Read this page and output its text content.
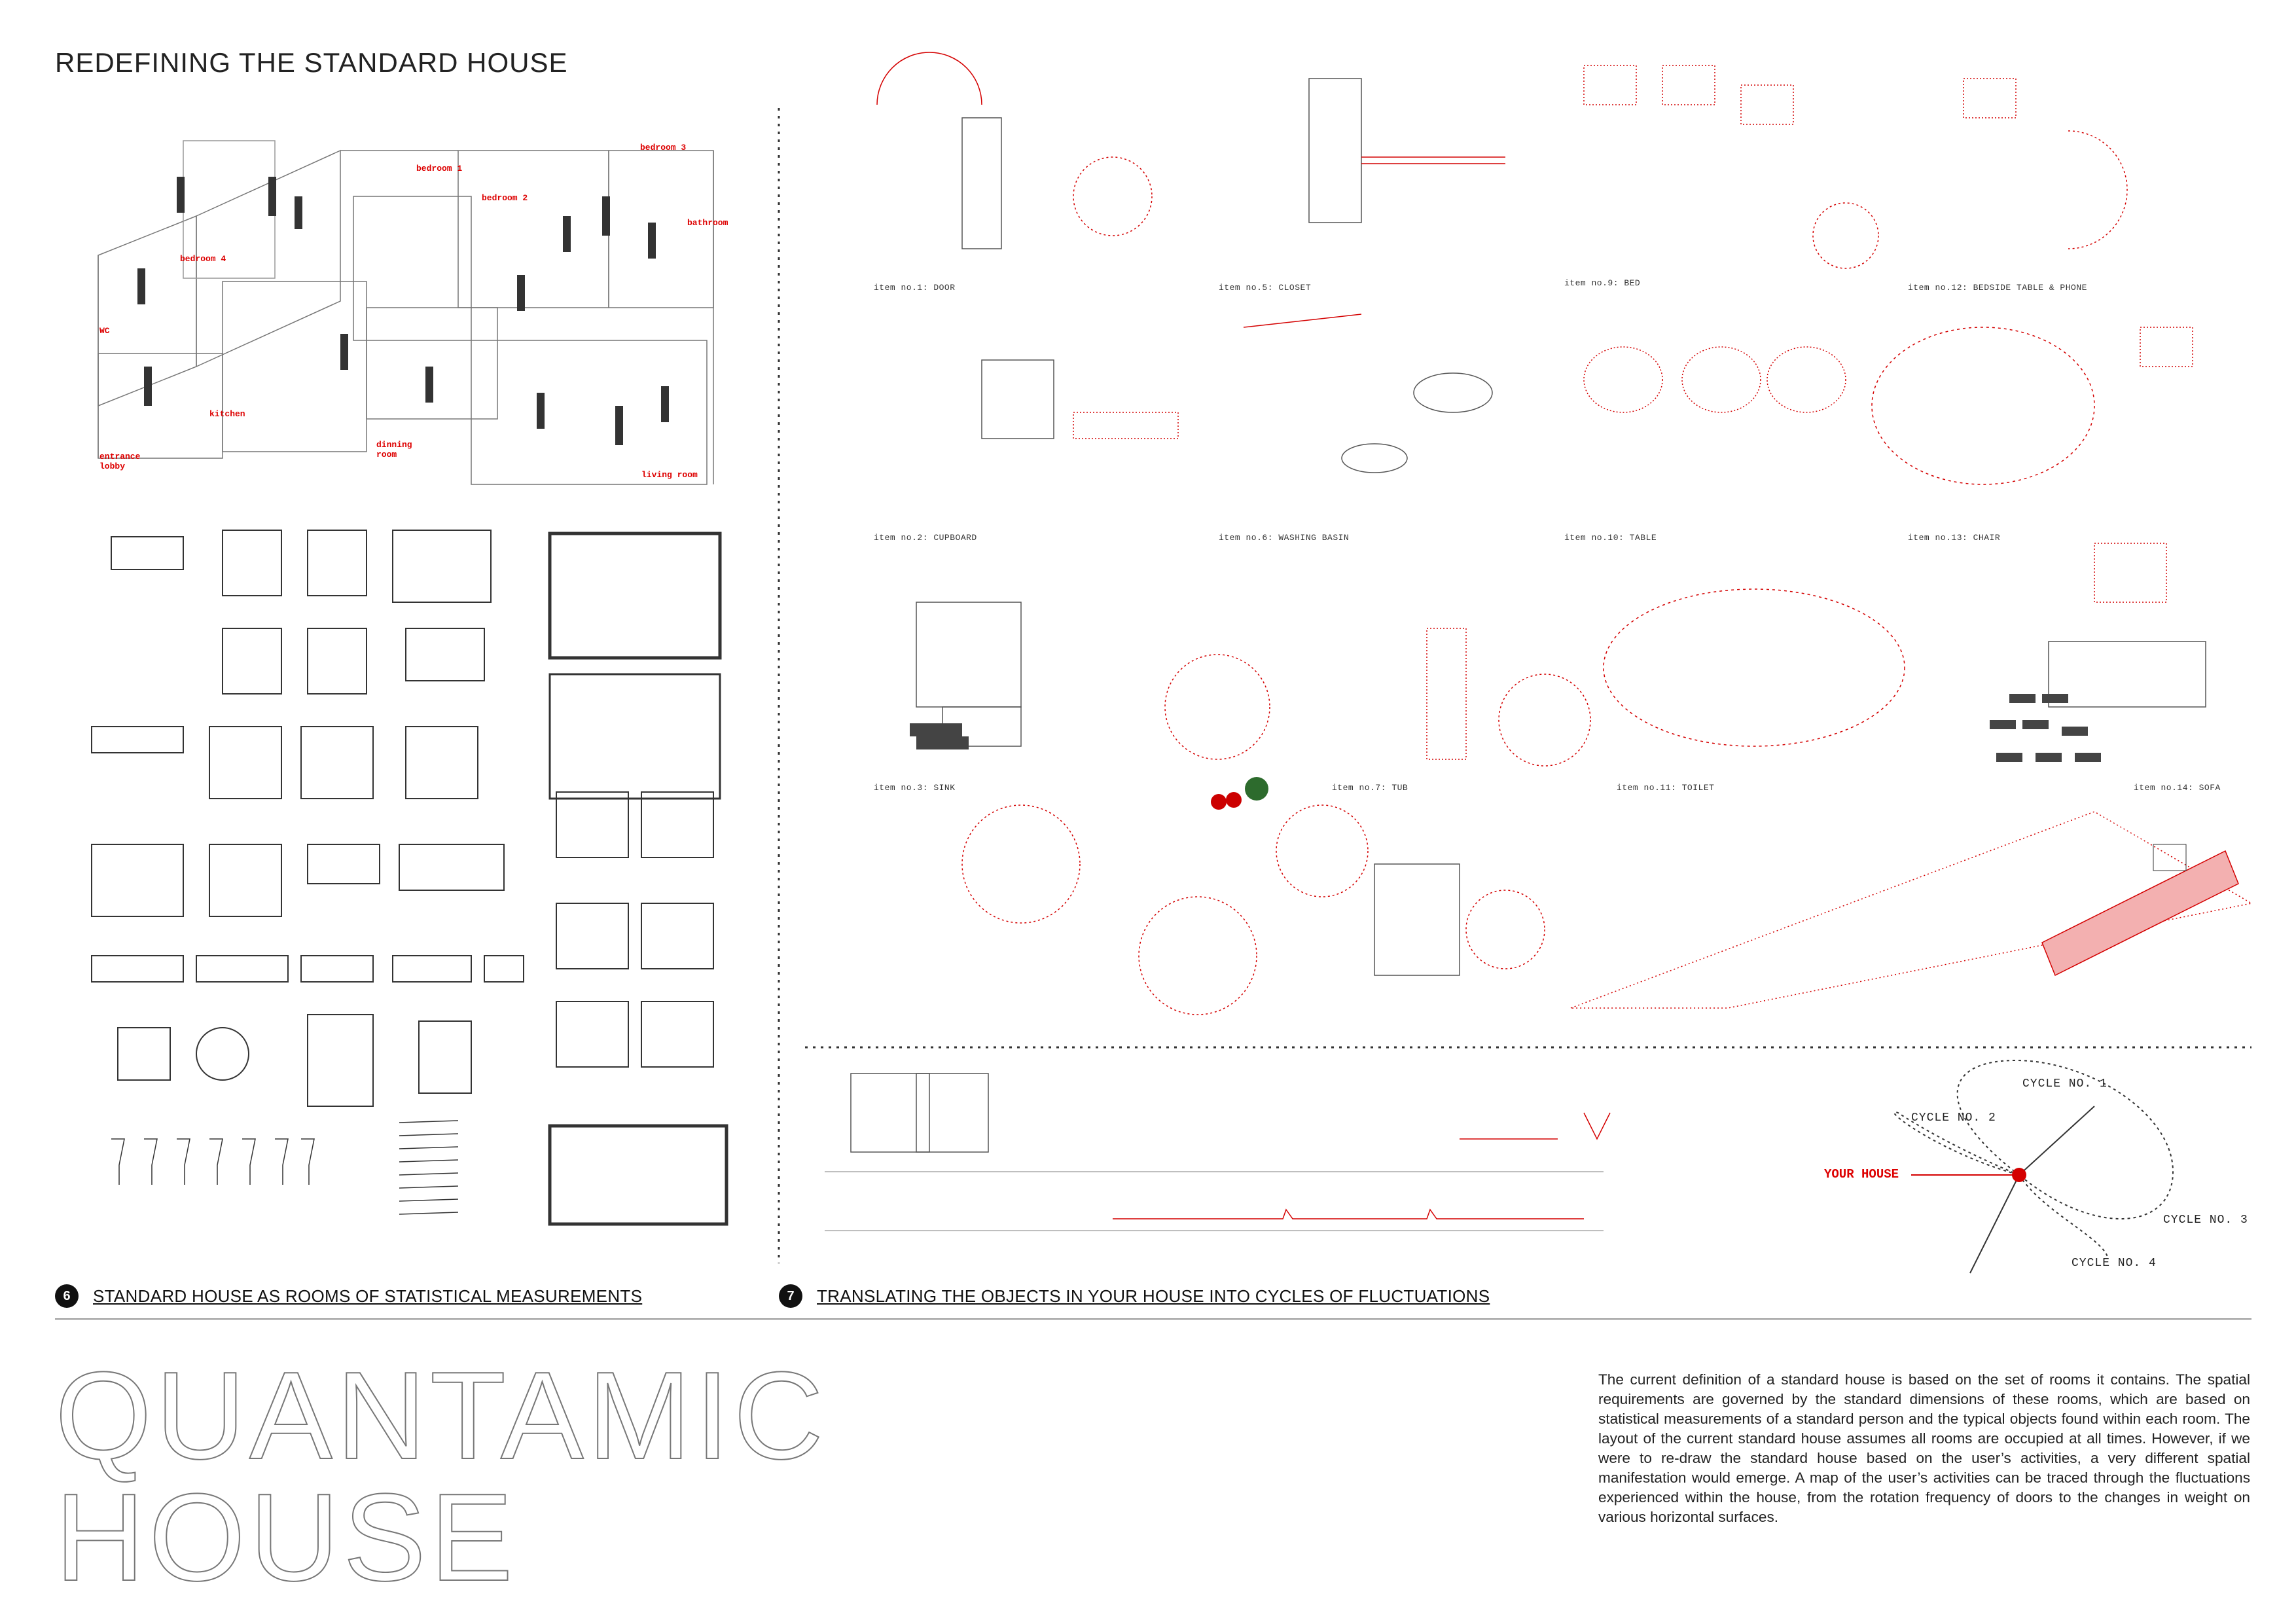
REDEFINING THE STANDARD HOUSE
bedroom 1
bedroom 3
bedroom 2
bathroom
bedroom 4
WC
kitchen
dinning room
entrance lobby
living room
item no.1: DOOR	item no.5: CLOSET	item no.9: BED	item no.12: BEDSIDE TABLE & PHONE
item no.2: CUPBOARD	item no.6: WASHING BASIN	item no.10: TABLE	item no.13: CHAIR
item no.3: SINK	item no.7: TUB	item no.11: TOILET	item no.14: SOFA
CYCLE NO. 1
CYCLE NO. 2
CYCLE NO. 3
CYCLE NO. 4
YOUR HOUSE
6	STANDARD HOUSE AS ROOMS OF STATISTICAL MEASUREMENTS	7	TRANSLATING THE OBJECTS IN YOUR HOUSE INTO CYCLES OF FLUCTUATIONS
QUANTAMIC
HOUSE
The current definition of a standard house is based on the set of rooms it contains. The spatial requirements are governed by the standard dimensions of these rooms, which are based on statistical measurements of a standard person and the typical objects found within each room. The layout of the current standard house assumes all rooms are occupied at all times. However, if we were to re-draw the standard house based on the user’s activities, a very different spatial manifestation would emerge. A map of the user’s activities can be traced through the fluctuations experienced within the house, from the rotation frequency of doors to the changes in weight on various horizontal surfaces.
